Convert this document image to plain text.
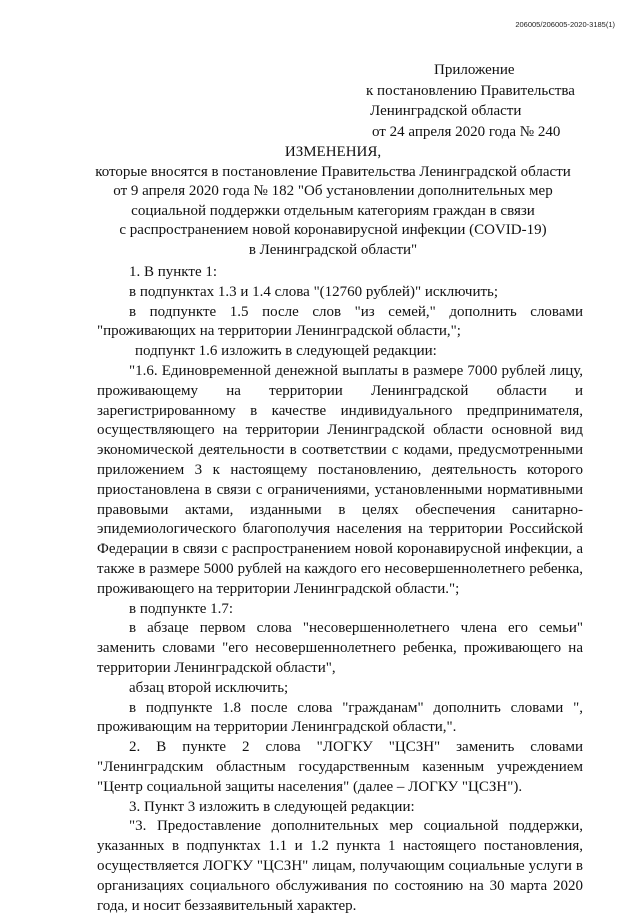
206005/206005-2020-3185(1)
Приложение
к постановлению Правительства
Ленинградской области
от 24 апреля 2020 года № 240
ИЗМЕНЕНИЯ,
которые вносятся в постановление Правительства Ленинградской области
от 9 апреля 2020 года № 182 "Об установлении дополнительных мер
социальной поддержки отдельным категориям граждан в связи
с распространением новой коронавирусной инфекции (COVID-19)
в Ленинградской области"

1. В пункте 1:

в подпунктах 1.3 и 1.4 слова "(12760 рублей)" исключить;

в подпункте 1.5 после слов "из семей," дополнить словами "проживающих на территории Ленинградской области,";

подпункт 1.6 изложить в следующей редакции:

"1.6. Единовременной денежной выплаты в размере 7000 рублей лицу, проживающему на территории Ленинградской области и зарегистрированному в качестве индивидуального предпринимателя, осуществляющего на территории Ленинградской области основной вид экономической деятельности в соответствии с кодами, предусмотренными приложением 3 к настоящему постановлению, деятельность которого приостановлена в связи с ограничениями, установленными нормативными правовыми актами, изданными в целях обеспечения санитарно-эпидемиологического благополучия населения на территории Российской Федерации в связи с распространением новой коронавирусной инфекции, а также в размере 5000 рублей на каждого его несовершеннолетнего ребенка, проживающего на территории Ленинградской области.";

в подпункте 1.7:

в абзаце первом слова "несовершеннолетнего члена его семьи" заменить словами "его несовершеннолетнего ребенка, проживающего на территории Ленинградской области",

абзац второй исключить;

в подпункте 1.8 после слова "гражданам" дополнить словами ", проживающим на территории Ленинградской области,".

2. В пункте 2 слова "ЛОГКУ "ЦСЗН" заменить словами "Ленинградским областным государственным казенным учреждением "Центр социальной защиты населения" (далее – ЛОГКУ "ЦСЗН").

3. Пункт 3 изложить в следующей редакции:

"3. Предоставление дополнительных мер социальной поддержки, указанных в подпунктах 1.1 и 1.2 пункта 1 настоящего постановления, осуществляется ЛОГКУ "ЦСЗН" лицам, получающим социальные услуги в организациях социального обслуживания по состоянию на 30 марта 2020 года, и носит беззаявительный характер.
